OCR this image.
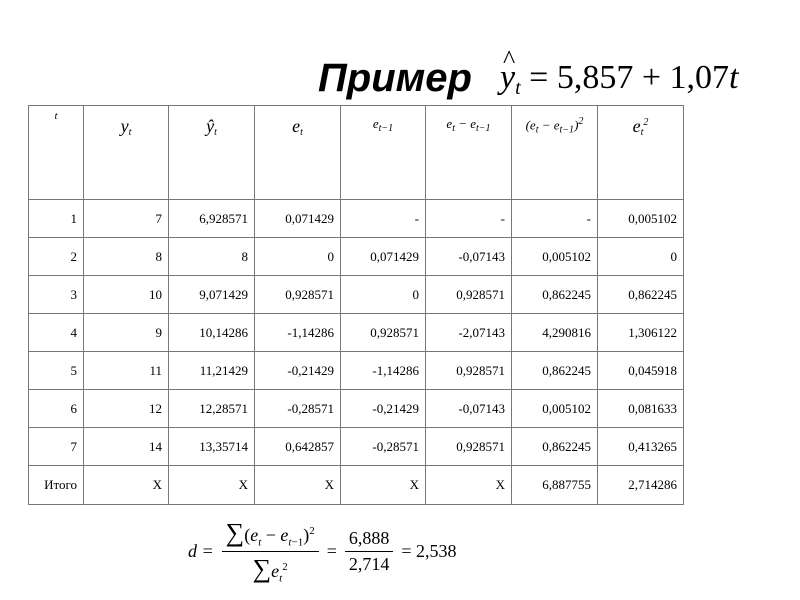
Пример ^ $y_t = 5,857 + 1,07t$
t	$y_t$	$ŷ_t$	$e_t$	$e_{t-1}$	$e_t - e_{t-1}$	$(e_t - e_{t-1})^2$	$e_t^2$

1	7	6,928571	0,071429	-	-	-	0,005102
2	8	8	0	0,071429	-0,07143	0,005102	0
3	10	9,071429	0,928571	0	0,928571	0,862245	0,862245
4	9	10,14286	-1,14286	0,928571	-2,07143	4,290816	1,306122
5	11	11,21429	-0,21429	-1,14286	0,928571	0,862245	0,045918
6	12	12,28571	-0,28571	-0,21429	-0,07143	0,005102	0,081633
7	14	13,35714	0,642857	-0,28571	0,928571	0,862245	0,413265
Итого	X	X	X	X	X	6,887755	2,714286
$d = \frac{\sum(e_t - e_{t-1})^2}{\sum e_t^2} = \frac{6,888}{2,714} = 2,538$
